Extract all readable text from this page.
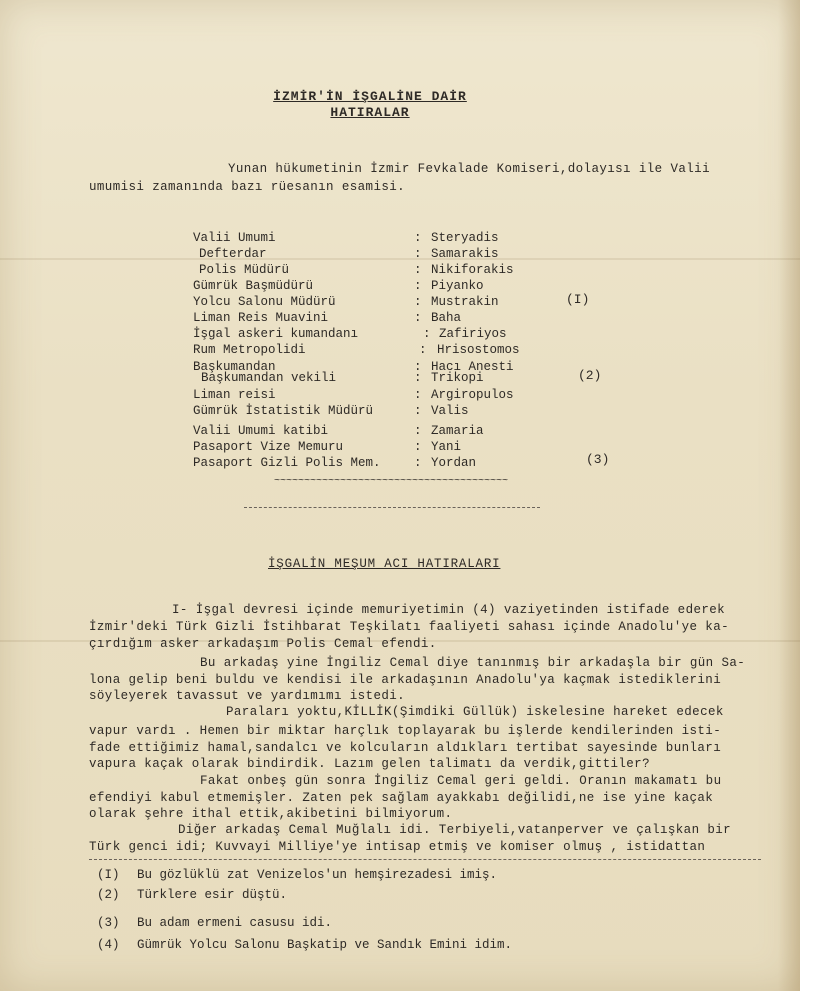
İZMİR'İN İŞGALİNE DAİR
HATIRALAR
Yunan hükumetinin İzmir Fevkalade Komiseri,dolayısı ile Valii
umumisi zamanında bazı rüesanın esamisi.
Valii Umumi	: Steryadis
Defterdar	: Samarakis
Polis Müdürü	: Nikiforakis
Gümrük Başmüdürü	: Piyanko
Yolcu Salonu Müdürü	: Mustrakin
Liman Reis Muavini	: Baha
İşgal askeri kumandanı	: Zafiriyos
Rum Metropolidi	: Hrisostomos
Başkumandan	: Hacı Anesti
Başkumandan vekili	: Trikopi
Liman reisi	: Argiropulos
Gümrük İstatistik Müdürü	: Valis
Valii Umumi katibi	: Zamaria
Pasaport Vize Memuru	: Yani
Pasaport Gizli Polis Mem.	: Yordan
(I)
(2)
(3)
~~~~~~~~~~~~~~~~~~~~~~~~~~~~~~~~~~~~~~~
İŞGALİN MEŞUM ACI HATIRALARI
I- İşgal devresi içinde memuriyetimin (4) vaziyetinden istifade ederek
İzmir'deki Türk Gizli İstihbarat Teşkilatı faaliyeti sahası içinde Anadolu'ye ka-
çırdığım asker arkadaşım Polis Cemal efendi.
Bu arkadaş yine İngiliz Cemal diye tanınmış bir arkadaşla bir gün Sa-
lona gelip beni buldu ve kendisi ile arkadaşının Anadolu'ya kaçmak istediklerini
söyleyerek tavassut ve yardımımı istedi.
Paraları yoktu,KİLLİK(Şimdiki Güllük) iskelesine hareket edecek
vapur vardı . Hemen bir miktar harçlık toplayarak bu işlerde kendilerinden isti-
fade ettiğimiz hamal,sandalcı ve kolcuların aldıkları tertibat sayesinde bunları
vapura kaçak olarak bindirdik. Lazım gelen talimatı da verdik,gittiler?
Fakat onbeş gün sonra İngiliz Cemal geri geldi. Oranın makamatı bu
efendiyi kabul etmemişler. Zaten pek sağlam ayakkabı değilidi,ne ise yine kaçak
olarak şehre ithal ettik,akibetini bilmiyorum.
Diğer arkadaş Cemal Muğlalı idi. Terbiyeli,vatanperver ve çalışkan bir
Türk genci idi; Kuvvayi Milliye'ye intisap etmiş ve komiser olmuş , istidattan
(I) Bu gözlüklü zat Venizelos'un hemşirezadesi imiş.
(2) Türklere esir düştü.
(3) Bu adam ermeni casusu idi.
(4) Gümrük Yolcu Salonu Başkatip ve Sandık Emini idim.
